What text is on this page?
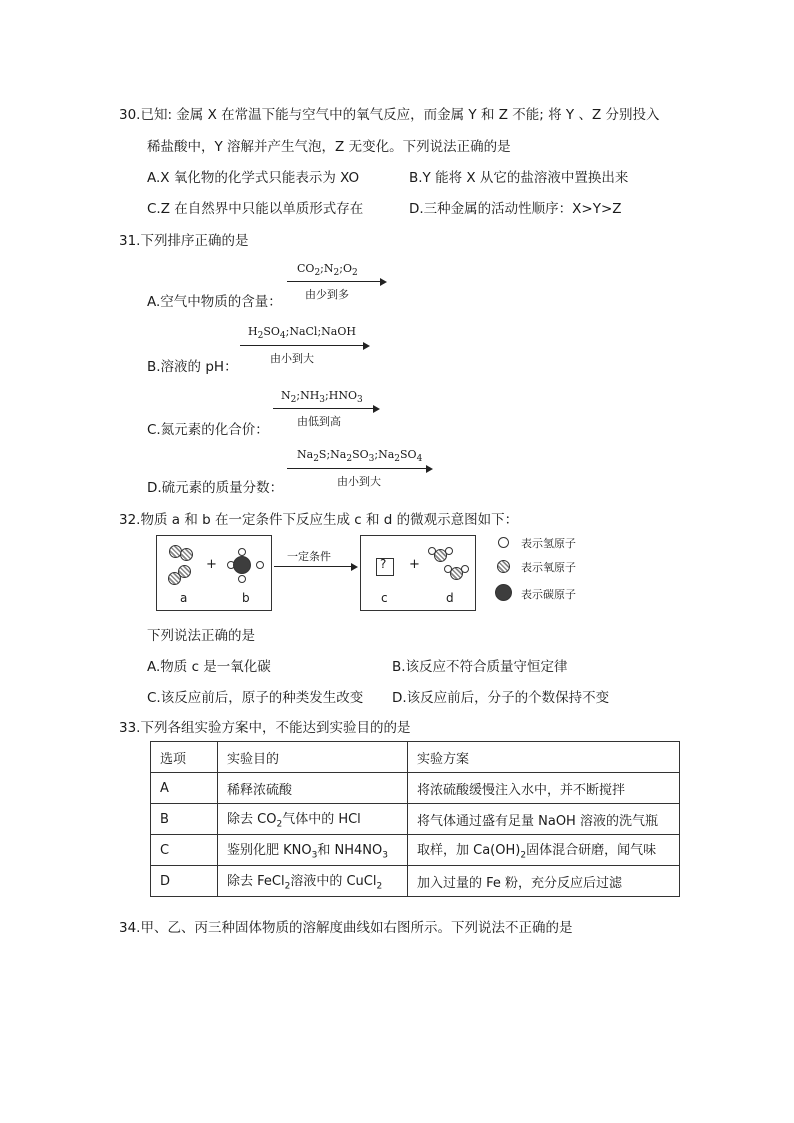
30.已知: 金属 X 在常温下能与空气中的氧气反应，而金属 Y 和 Z 不能; 将 Y 、Z 分别投入
稀盐酸中，Y 溶解并产生气泡，Z 无变化。下列说法正确的是
A.X 氧化物的化学式只能表示为 XO	B.Y 能将 X 从它的盐溶液中置换出来
C.Z 在自然界中只能以单质形式存在	D.三种金属的活动性顺序：X>Y>Z
31.下列排序正确的是
A.空气中物质的含量：
$CO_2;N_2;O_2$
由少到多
B.溶液的 pH：
$H_2SO_4;NaCl;NaOH$
由小到大
C.氮元素的化合价：
$N_2;NH_3;HNO_3$
由低到高
D.硫元素的质量分数：
$Na_2S;Na_2SO_3;Na_2SO_4$
由小到大
32.物质 a 和 b 在一定条件下反应生成 c 和 d 的微观示意图如下：
+
a	b
一定条件
? +
c	d
表示氢原子
表示氧原子
表示碳原子
下列说法正确的是
A.物质 c 是一氧化碳	B.该反应不符合质量守恒定律
C.该反应前后，原子的种类发生改变 D.该反应前后，分子的个数保持不变
33.下列各组实验方案中，不能达到实验目的的是
选项	实验目的	实验方案
A	稀释浓硫酸	将浓硫酸缓慢注入水中，并不断搅拌
B	除去 $CO_2$气体中的 HCl	将气体通过盛有足量 NaOH 溶液的洗气瓶
C	鉴别化肥 $KNO_3$和 $NH4NO_3$	取样，加 $Ca(OH)_2$固体混合研磨，闻气味
D	除去 FeCl$_2$溶液中的 CuCl$_2$	加入过量的 Fe 粉，充分反应后过滤
34.甲、乙、丙三种固体物质的溶解度曲线如右图所示。下列说法不正确的是
